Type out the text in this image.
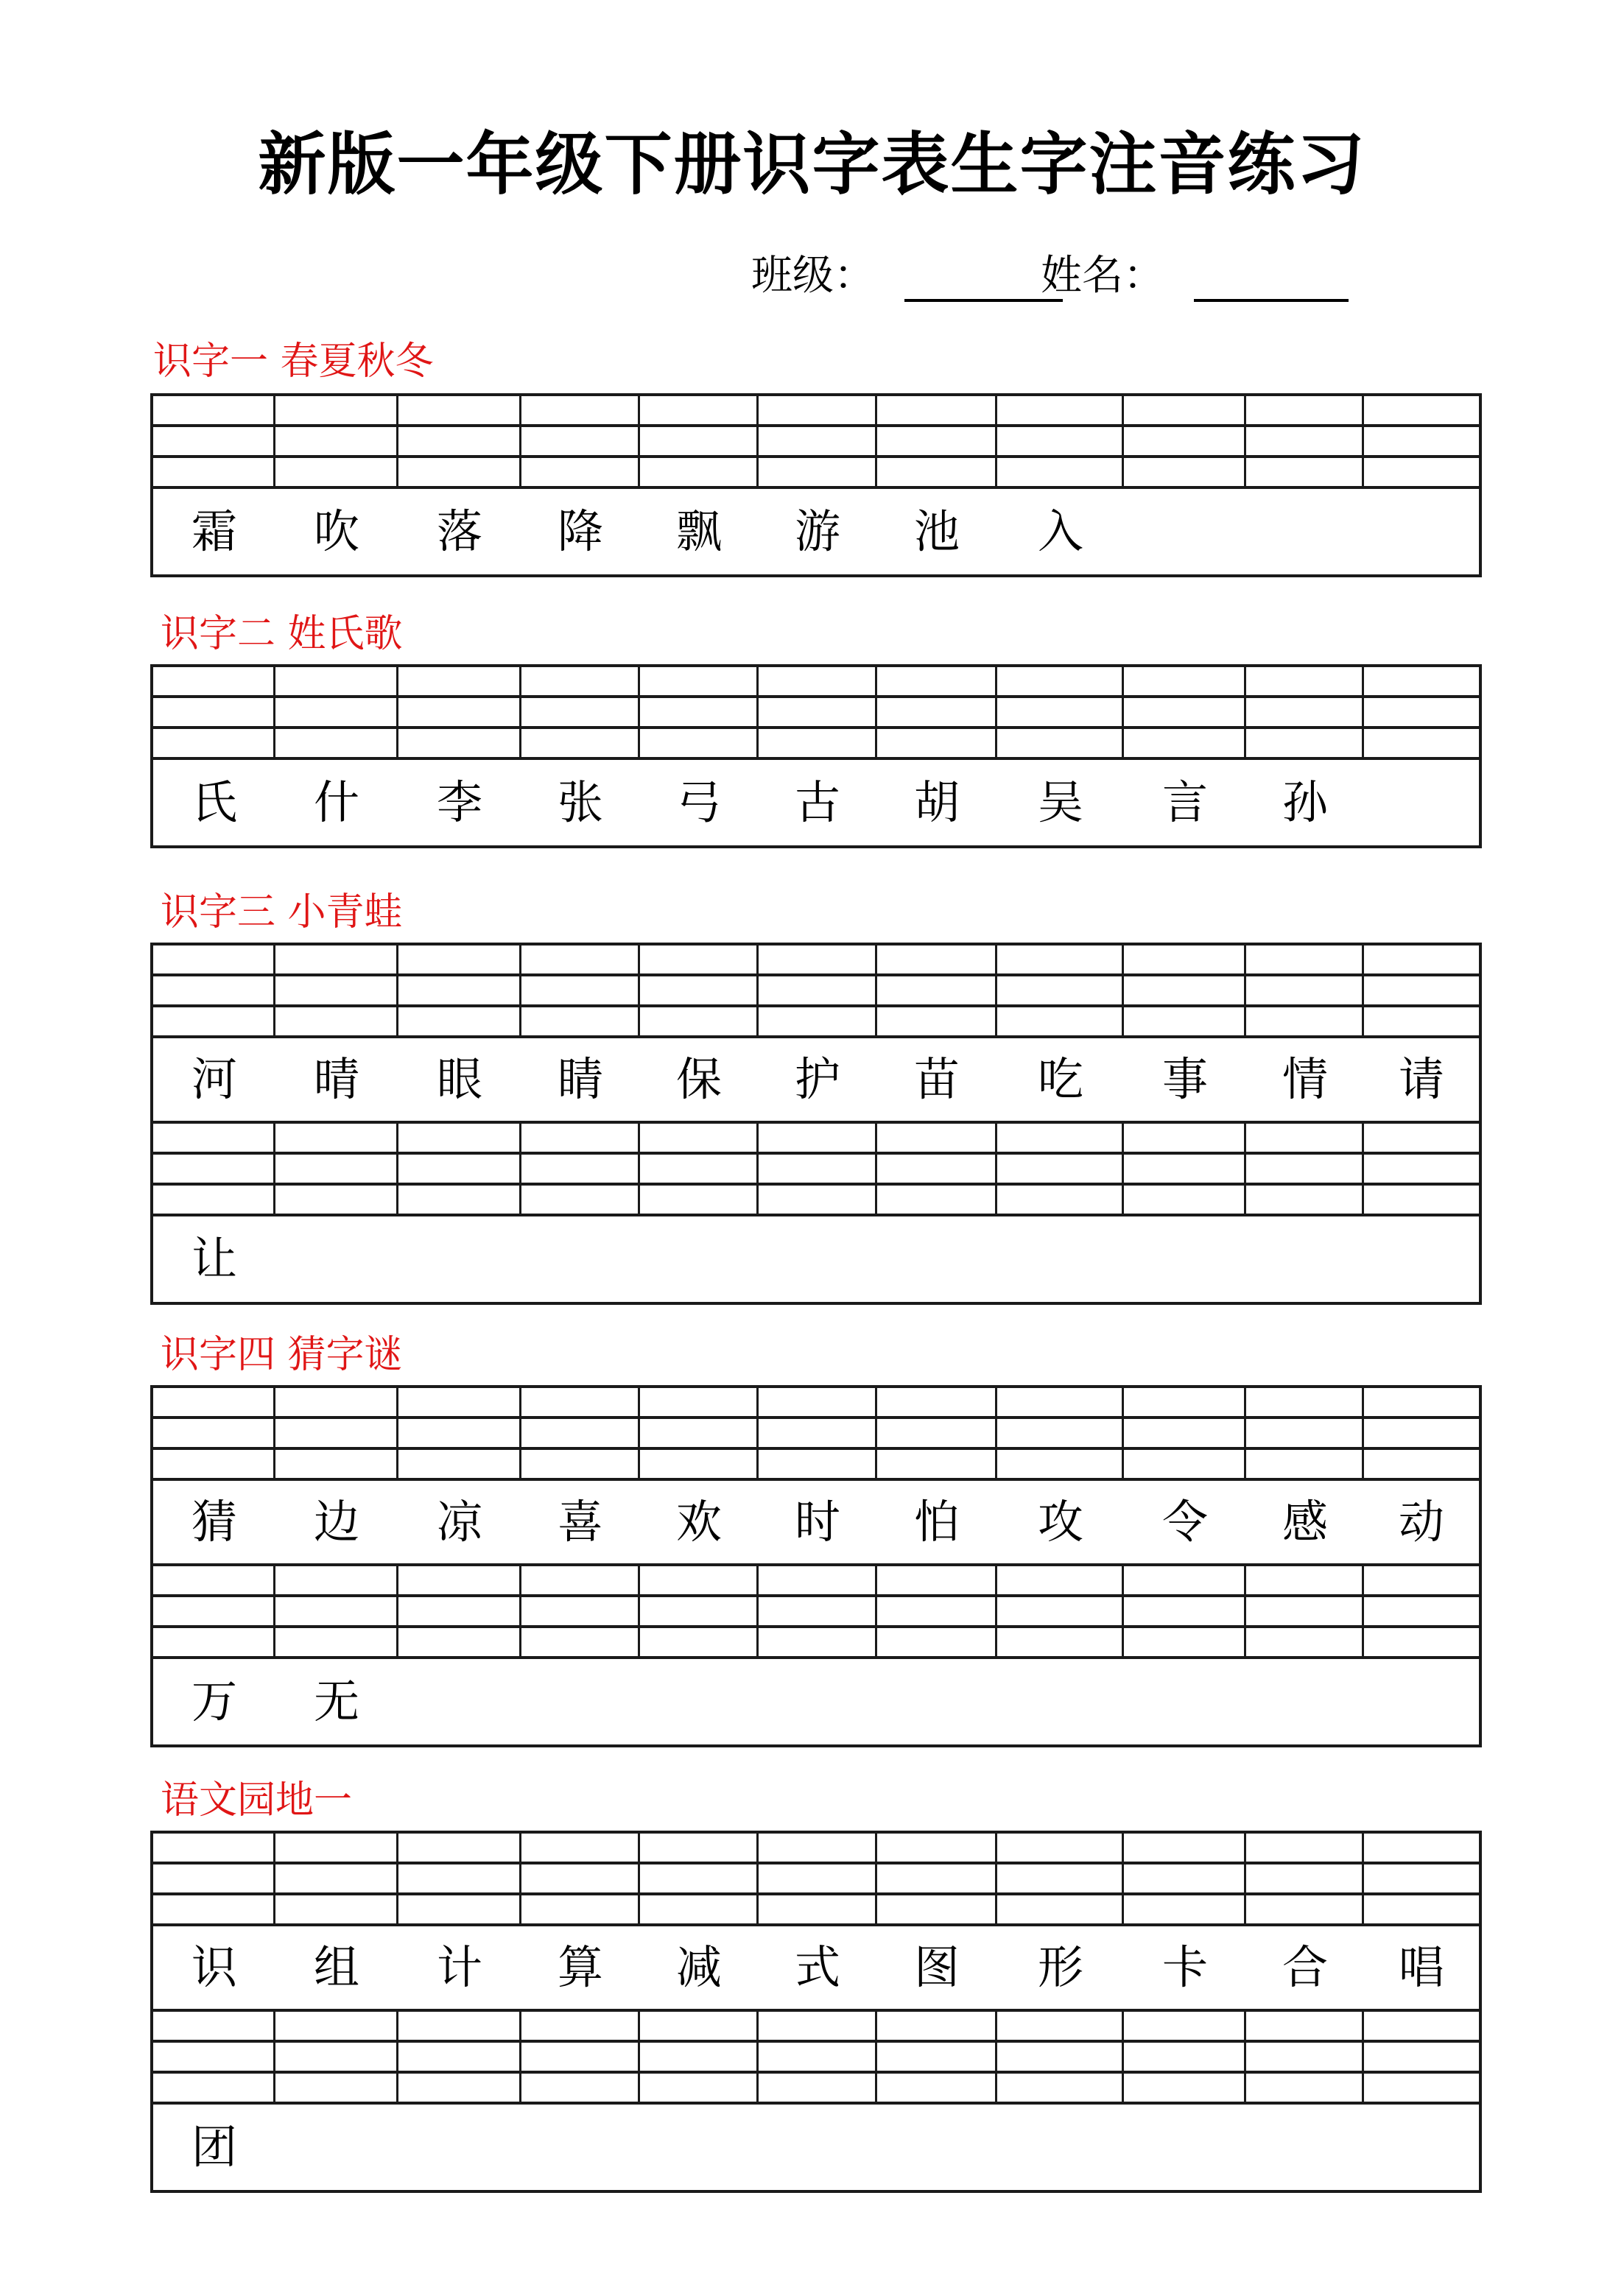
新版一年级下册识字表生字注音练习
班级：	姓名：
识字一 春夏秋冬
霜 吹 落 降 飘 游 池 入
识字二 姓氏歌
氏 什 李 张 弓 古 胡 吴 言 孙
识字三 小青蛙
河 晴 眼 睛 保 护 苗 吃 事 情 请
让
识字四 猜字谜
猜 边 凉 喜 欢 时 怕 攻 令 感 动
万 无
语文园地一
识 组 计 算 减 式 图 形 卡 合 唱
团
